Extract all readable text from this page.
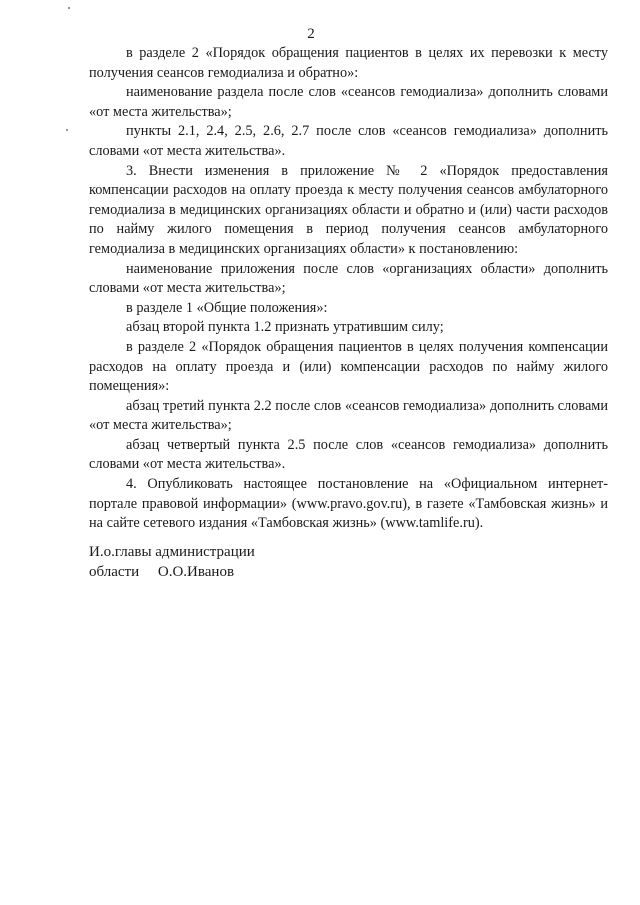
2

в разделе 2 «Порядок обращения пациентов в целях их перевозки к месту получения сеансов гемодиализа и обратно»:

наименование раздела после слов «сеансов гемодиализа» дополнить словами «от места жительства»;

пункты 2.1, 2.4, 2.5, 2.6, 2.7 после слов «сеансов гемодиализа» дополнить словами «от места жительства».

3. Внести изменения в приложение № 2 «Порядок предоставления компенсации расходов на оплату проезда к месту получения сеансов амбулаторного гемодиализа в медицинских организациях области и обратно и (или) части расходов по найму жилого помещения в период получения сеансов амбулаторного гемодиализа в медицинских организациях области» к постановлению:

наименование приложения после слов «организациях области» дополнить словами «от места жительства»;

в разделе 1 «Общие положения»:

абзац второй пункта 1.2 признать утратившим силу;

в разделе 2 «Порядок обращения пациентов в целях получения компенсации расходов на оплату проезда и (или) компенсации расходов по найму жилого помещения»:

абзац третий пункта 2.2 после слов «сеансов гемодиализа» дополнить словами «от места жительства»;

абзац четвертый пункта 2.5 после слов «сеансов гемодиализа» дополнить словами «от места жительства».

4. Опубликовать настоящее постановление на «Официальном интернет-портале правовой информации» (www.pravo.gov.ru), в газете «Тамбовская жизнь» и на сайте сетевого издания «Тамбовская жизнь» (www.tamlife.ru).

И.о.главы администрации
области     О.О.Иванов
